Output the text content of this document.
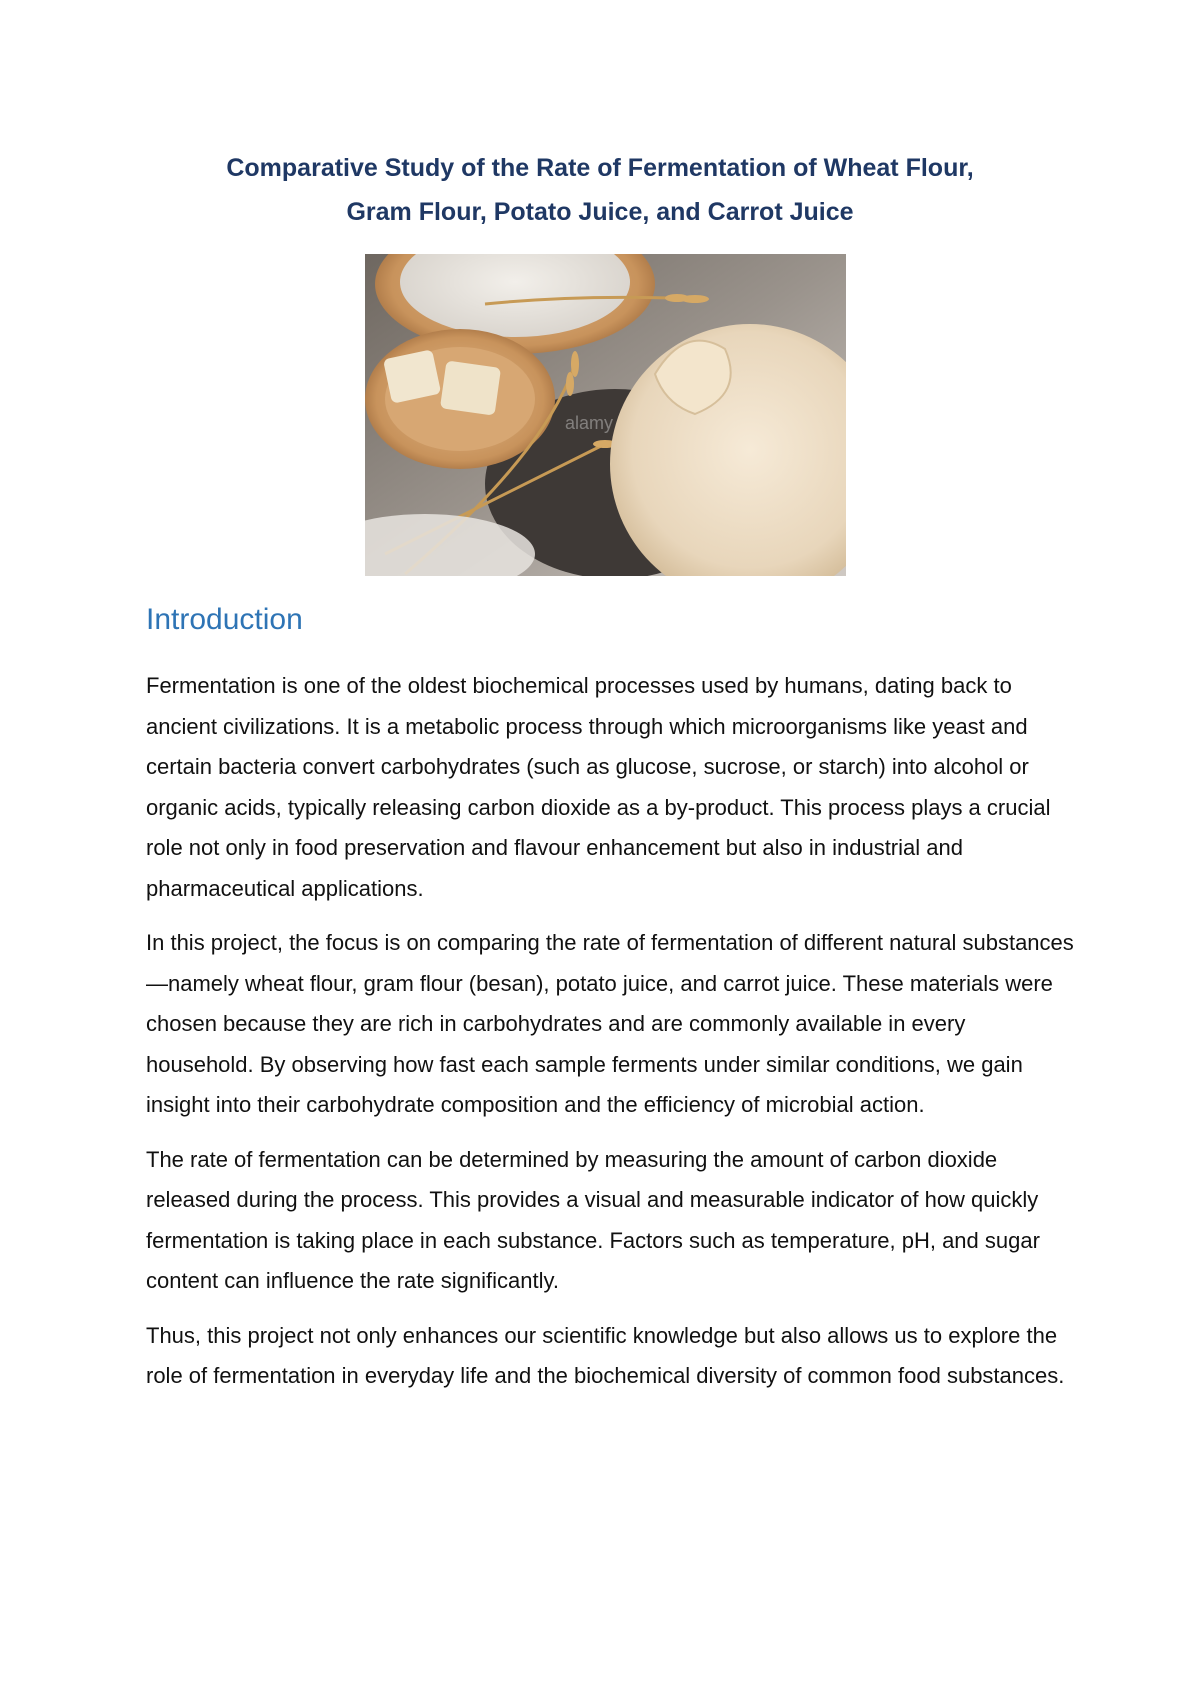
Comparative Study of the Rate of Fermentation of Wheat Flour,
Gram Flour, Potato Juice, and Carrot Juice
alamy
Introduction

Fermentation is one of the oldest biochemical processes used by humans, dating back to ancient civilizations. It is a metabolic process through which microorganisms like yeast and certain bacteria convert carbohydrates (such as glucose, sucrose, or starch) into alcohol or organic acids, typically releasing carbon dioxide as a by-product. This process plays a crucial role not only in food preservation and flavour enhancement but also in industrial and pharmaceutical applications.

In this project, the focus is on comparing the rate of fermentation of different natural substances—namely wheat flour, gram flour (besan), potato juice, and carrot juice. These materials were chosen because they are rich in carbohydrates and are commonly available in every household. By observing how fast each sample ferments under similar conditions, we gain insight into their carbohydrate composition and the efficiency of microbial action.

The rate of fermentation can be determined by measuring the amount of carbon dioxide released during the process. This provides a visual and measurable indicator of how quickly fermentation is taking place in each substance. Factors such as temperature, pH, and sugar content can influence the rate significantly.

Thus, this project not only enhances our scientific knowledge but also allows us to explore the role of fermentation in everyday life and the biochemical diversity of common food substances.
